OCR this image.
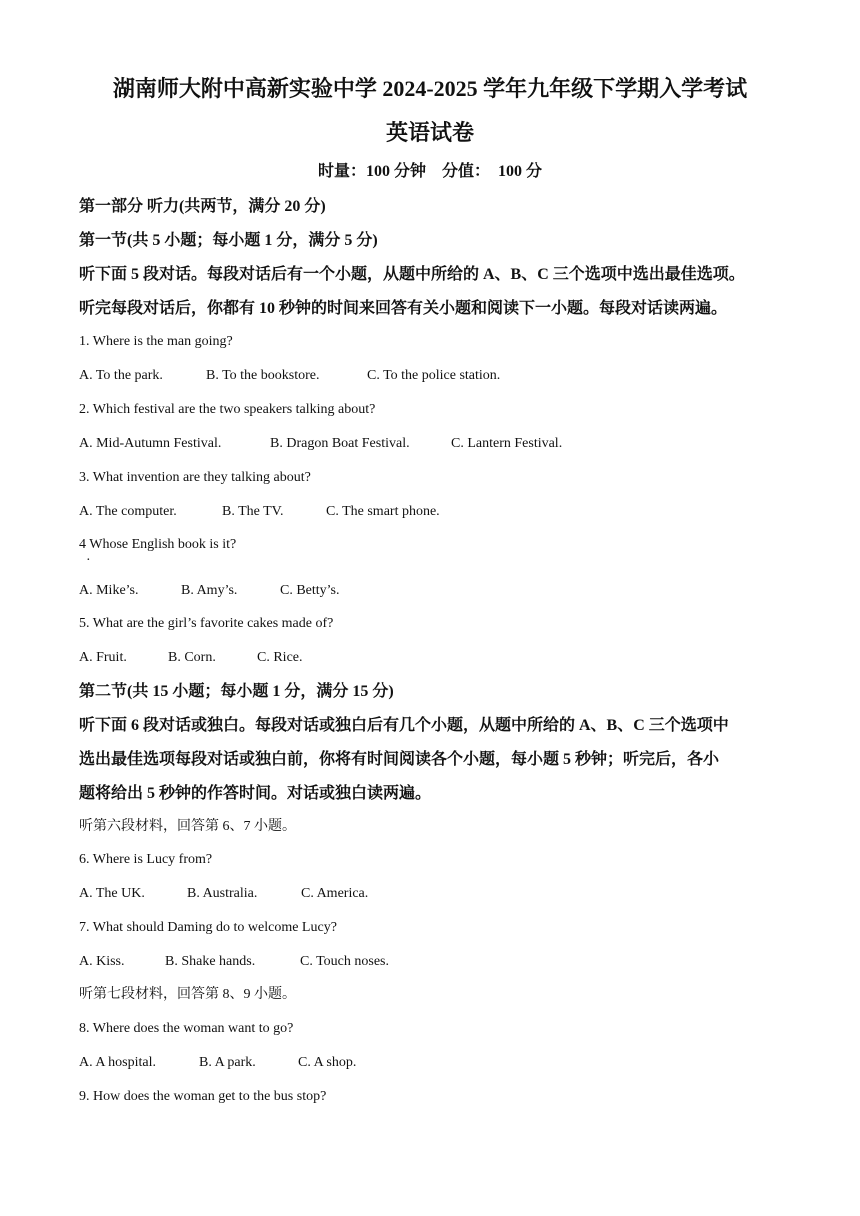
湖南师大附中高新实验中学 2024-2025 学年九年级下学期入学考试
英语试卷
时量：100 分钟    分值：  100 分
第一部分 听力(共两节，满分 20 分)
第一节(共 5 小题；每小题 1 分，满分 5 分)
听下面 5 段对话。每段对话后有一个小题，从题中所给的 A、B、C 三个选项中选出最佳选项。
听完每段对话后，你都有 10 秒钟的时间来回答有关小题和阅读下一小题。每段对话读两遍。
1. Where is the man going?
A. To the park.	B. To the bookstore.	C. To the police station.
2. Which festival are the two speakers talking about?
A. Mid-Autumn Festival.	B. Dragon Boat Festival.	C. Lantern Festival.
3. What invention are they talking about?
A. The computer.	B. The TV.	C. The smart phone.
4 Whose English book is it?
·
A. Mike’s.	B. Amy’s.	C. Betty’s.
5. What are the girl’s favorite cakes made of?
A. Fruit.	B. Corn.	C. Rice.
第二节(共 15 小题；每小题 1 分，满分 15 分)
听下面 6 段对话或独白。每段对话或独白后有几个小题，从题中所给的 A、B、C 三个选项中
选出最佳选项每段对话或独白前，你将有时间阅读各个小题，每小题 5 秒钟；听完后，各小
题将给出 5 秒钟的作答时间。对话或独白读两遍。
听第六段材料，回答第 6、7 小题。
6. Where is Lucy from?
A. The UK.	B. Australia.	C. America.
7. What should Daming do to welcome Lucy?
A. Kiss.	B. Shake hands.	C. Touch noses.
听第七段材料，回答第 8、9 小题。
8. Where does the woman want to go?
A. A hospital.	B. A park.	C. A shop.
9. How does the woman get to the bus stop?
